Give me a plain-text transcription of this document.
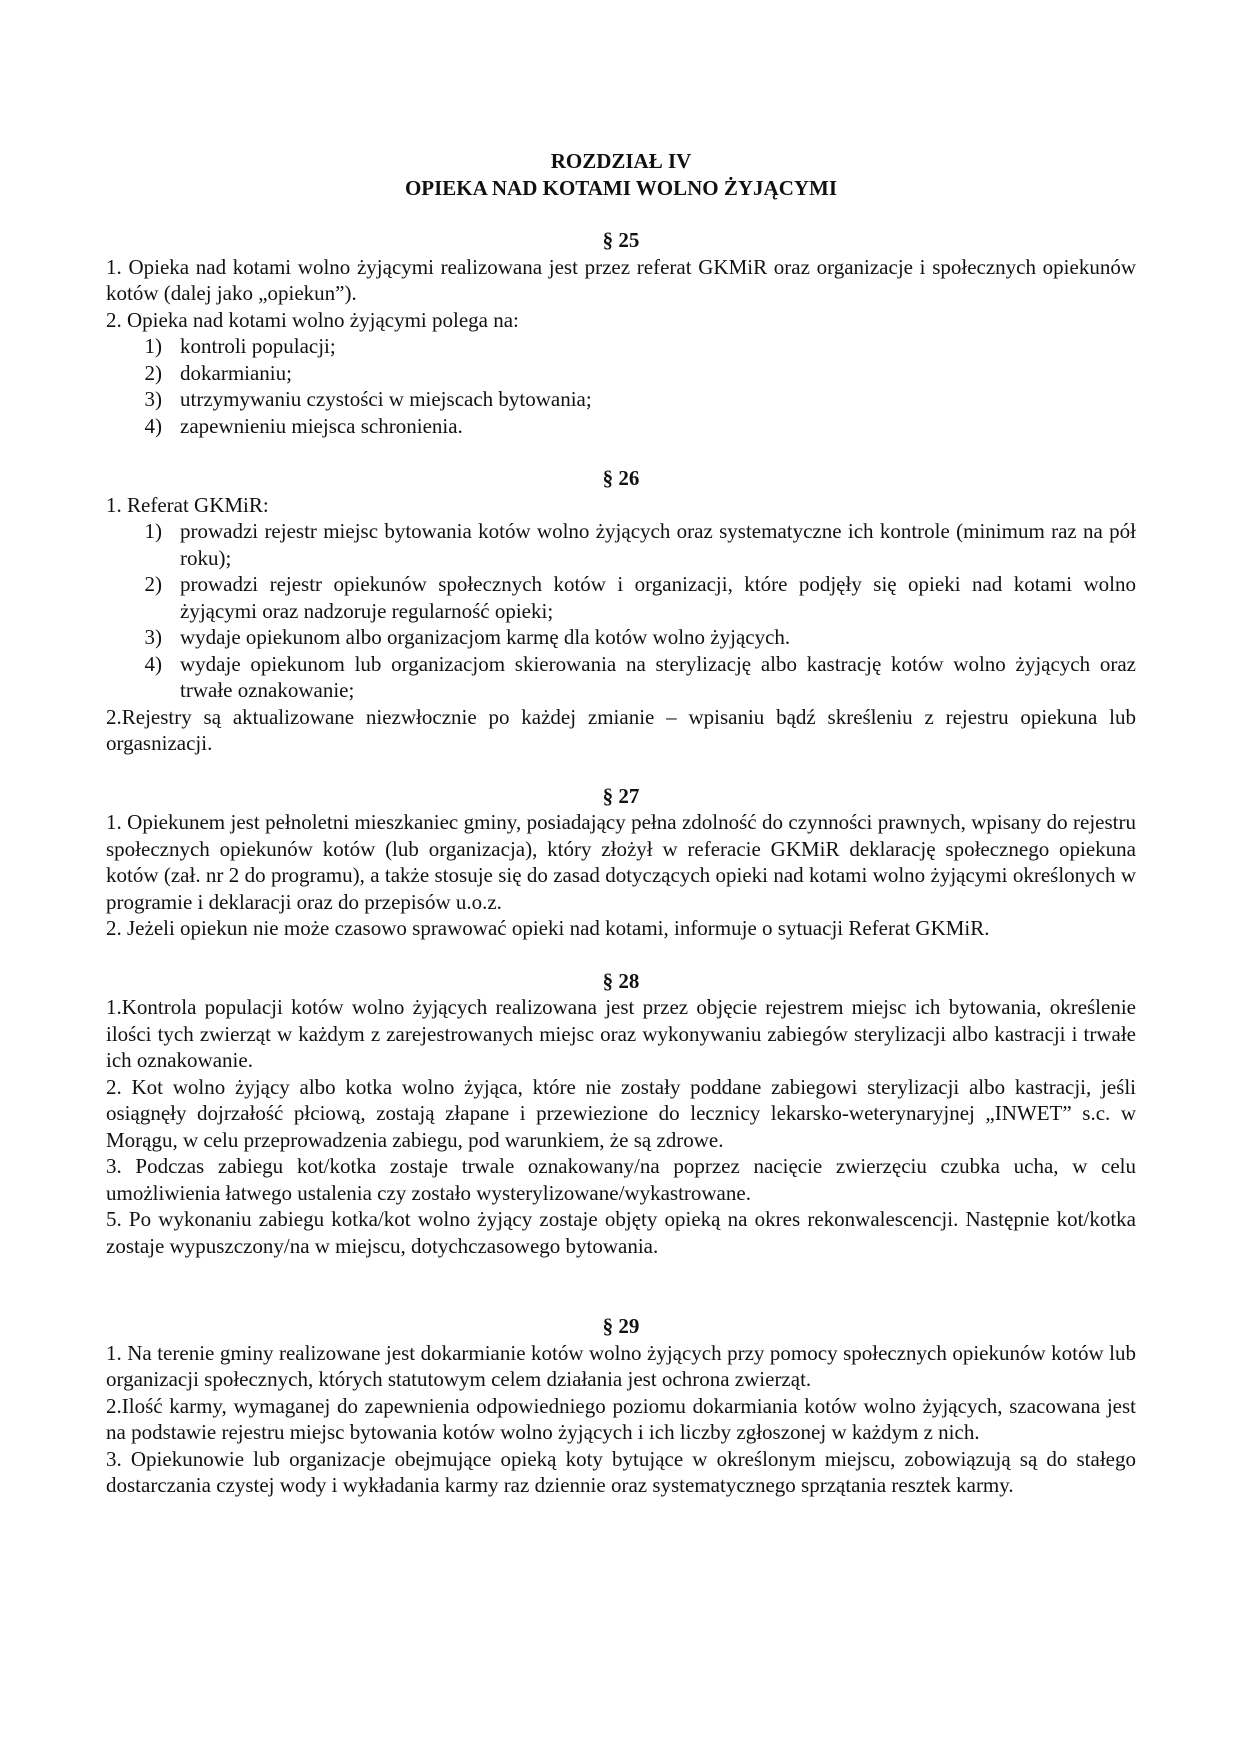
ROZDZIAŁ IV

OPIEKA NAD KOTAMI WOLNO ŻYJĄCYMI

§ 25

1. Opieka nad kotami wolno żyjącymi realizowana jest przez referat GKMiR oraz organizacje i społecznych opiekunów kotów (dalej jako „opiekun”).

2. Opieka nad kotami wolno żyjącymi polega na:

1) kontroli populacji;
2) dokarmianiu;
3) utrzymywaniu czystości w miejscach bytowania;
4) zapewnieniu miejsca schronienia.

§ 26

1. Referat GKMiR:

1) prowadzi rejestr miejsc bytowania kotów wolno żyjących oraz systematyczne ich kontrole (minimum raz na pół roku);
2) prowadzi rejestr opiekunów społecznych kotów i organizacji, które podjęły się opieki nad kotami wolno żyjącymi oraz nadzoruje regularność opieki;
3) wydaje opiekunom albo organizacjom karmę dla kotów wolno żyjących.
4) wydaje opiekunom lub organizacjom skierowania na sterylizację albo kastrację kotów wolno żyjących oraz trwałe oznakowanie;

2.Rejestry są aktualizowane niezwłocznie po każdej zmianie – wpisaniu bądź skreśleniu z rejestru opiekuna lub orgasnizacji.

§ 27

1. Opiekunem jest pełnoletni mieszkaniec gminy, posiadający pełna zdolność do czynności prawnych, wpisany do rejestru społecznych opiekunów kotów (lub organizacja), który złożył w referacie GKMiR deklarację społecznego opiekuna kotów (zał. nr 2 do programu), a także stosuje się do zasad dotyczących opieki nad kotami wolno żyjącymi określonych w programie i deklaracji oraz do przepisów u.o.z.

2. Jeżeli opiekun nie może czasowo sprawować opieki nad kotami, informuje o sytuacji Referat GKMiR.

§ 28

1.Kontrola populacji kotów wolno żyjących realizowana jest przez objęcie rejestrem miejsc ich bytowania, określenie ilości tych zwierząt w każdym z zarejestrowanych miejsc oraz wykonywaniu zabiegów sterylizacji albo kastracji i trwałe ich oznakowanie.

2. Kot wolno żyjący albo kotka wolno żyjąca, które nie zostały poddane zabiegowi sterylizacji albo kastracji, jeśli osiągnęły dojrzałość płciową, zostają złapane i przewiezione do lecznicy lekarsko-weterynaryjnej „INWET” s.c. w Morągu, w celu przeprowadzenia zabiegu, pod warunkiem, że są zdrowe.

3. Podczas zabiegu kot/kotka zostaje trwale oznakowany/na poprzez nacięcie zwierzęciu czubka ucha, w celu umożliwienia łatwego ustalenia czy zostało wysterylizowane/wykastrowane.

5. Po wykonaniu zabiegu kotka/kot wolno żyjący zostaje objęty opieką na okres rekonwalescencji. Następnie kot/kotka zostaje wypuszczony/na w miejscu, dotychczasowego bytowania.

§ 29

1. Na terenie gminy realizowane jest dokarmianie kotów wolno żyjących przy pomocy społecznych opiekunów kotów lub organizacji społecznych, których statutowym celem działania jest ochrona zwierząt.

2.Ilość karmy, wymaganej do zapewnienia odpowiedniego poziomu dokarmiania kotów wolno żyjących, szacowana jest na podstawie rejestru miejsc bytowania kotów wolno żyjących i ich liczby zgłoszonej w każdym z nich.

3. Opiekunowie lub organizacje obejmujące opieką koty bytujące w określonym miejscu, zobowiązują są do stałego dostarczania czystej wody i wykładania karmy raz dziennie oraz systematycznego sprzątania resztek karmy.
